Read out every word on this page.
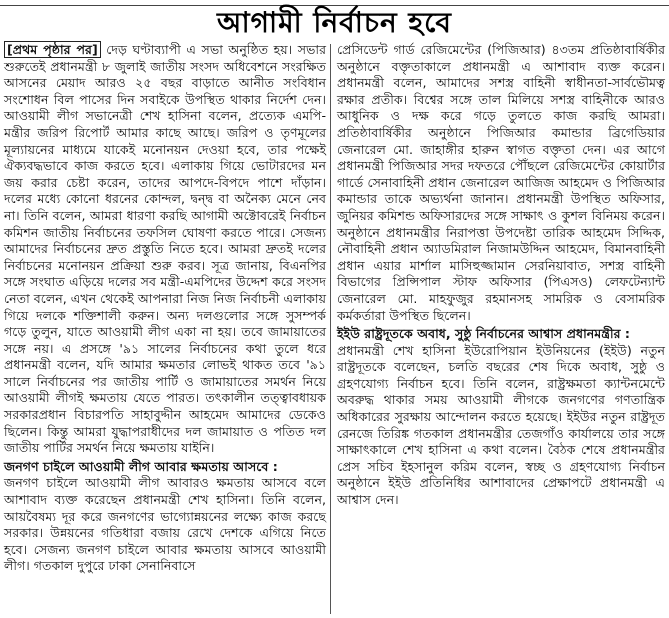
আগামী নির্বাচন হবে

[প্রথম পৃষ্ঠার পর] দেড় ঘণ্টাব্যাপী এ সভা অনুষ্ঠিত হয়। সভার শুরুতেই প্রধানমন্ত্রী ৮ জুলাই জাতীয় সংসদ অধিবেশনে সংরক্ষিত আসনের মেয়াদ আরও ২৫ বছর বাড়াতে আনীত সংবিধান সংশোধন বিল পাসের দিন সবাইকে উপস্থিত থাকার নির্দেশ দেন। আওয়ামী লীগ সভানেত্রী শেখ হাসিনা বলেন, প্রত্যেক এমপি-মন্ত্রীর জরিপ রিপোর্ট আমার কাছে আছে। জরিপ ও তৃণমূলের মূল্যায়নের মাধ্যমে যাকেই মনোনয়ন দেওয়া হবে, তার পক্ষেই ঐক্যবদ্ধভাবে কাজ করতে হবে। এলাকায় গিয়ে ভোটারদের মন জয় করার চেষ্টা করেন, তাদের আপদে-বিপদে পাশে দাঁড়ান। দলের মধ্যে কোনো ধরনের কোন্দল, দ্বন্দ্ব বা অনৈক্য মেনে নেব না। তিনি বলেন, আমরা ধারণা করছি আগামী অক্টোবরেই নির্বাচন কমিশন জাতীয় নির্বাচনের তফসিল ঘোষণা করতে পারে। সেজন্য আমাদের নির্বাচনের দ্রুত প্রস্তুতি নিতে হবে। আমরা দ্রুতই দলের নির্বাচনের মনোনয়ন প্রক্রিয়া শুরু করব। সূত্র জানায়, বিএনপির সঙ্গে সংঘাত এড়িয়ে দলের সব মন্ত্রী-এমপিদের উদ্দেশ করে সংসদ নেতা বলেন, এখন থেকেই আপনারা নিজ নিজ নির্বাচনী এলাকায় গিয়ে দলকে শক্তিশালী করুন। অন্য দলগুলোর সঙ্গে সুসম্পর্ক গড়ে তুলুন, যাতে আওয়ামী লীগ একা না হয়। তবে জামায়াতের সঙ্গে নয়। এ প্রসঙ্গে '৯১ সালের নির্বাচনের কথা তুলে ধরে প্রধানমন্ত্রী বলেন, যদি আমার ক্ষমতার লোভই থাকত তবে '৯১ সালে নির্বাচনের পর জাতীয় পার্টি ও জামায়াতের সমর্থন নিয়ে আওয়ামী লীগই ক্ষমতায় যেতে পারত। তৎকালীন তত্ত্বাবধায়ক সরকারপ্রধান বিচারপতি সাহাবুদ্দীন আহমেদ আমাদের ডেকেও ছিলেন। কিন্তু আমরা যুদ্ধাপরাধীদের দল জামায়াত ও পতিত দল জাতীয় পার্টির সমর্থন নিয়ে ক্ষমতায় যাইনি।

জনগণ চাইলে আওয়ামী লীগ আবার ক্ষমতায় আসবে :

জনগণ চাইলে আওয়ামী লীগ আবারও ক্ষমতায় আসবে বলে আশাবাদ ব্যক্ত করেছেন প্রধানমন্ত্রী শেখ হাসিনা। তিনি বলেন, আয়বৈষম্য দূর করে জনগণের ভাগ্যোন্নয়নের লক্ষ্যে কাজ করছে সরকার। উন্নয়নের গতিধারা বজায় রেখে দেশকে এগিয়ে নিতে হবে। সেজন্য জনগণ চাইলে আবার ক্ষমতায় আসবে আওয়ামী লীগ। গতকাল দুপুরে ঢাকা সেনানিবাসে

প্রেসিডেন্ট গার্ড রেজিমেন্টের (পিজিআর) ৪৩তম প্রতিষ্ঠাবার্ষিকীর অনুষ্ঠানে বক্তৃতাকালে প্রধানমন্ত্রী এ আশাবাদ ব্যক্ত করেন। প্রধানমন্ত্রী বলেন, আমাদের সশস্ত্র বাহিনী স্বাধীনতা-সার্বভৌমত্ব রক্ষার প্রতীক। বিশ্বের সঙ্গে তাল মিলিয়ে সশস্ত্র বাহিনীকে আরও আধুনিক ও দক্ষ করে গড়ে তুলতে কাজ করছি আমরা। প্রতিষ্ঠাবার্ষিকীর অনুষ্ঠানে পিজিআর কমান্ডার ব্রিগেডিয়ার জেনারেল মো. জাহাঙ্গীর হারুন স্বাগত বক্তৃতা দেন। এর আগে প্রধানমন্ত্রী পিজিআর সদর দফতরে পৌঁছলে রেজিমেন্টের কোয়ার্টার গার্ডে সেনাবাহিনী প্রধান জেনারেল আজিজ আহমেদ ও পিজিআর কমান্ডার তাকে অভ্যর্থনা জানান। প্রধানমন্ত্রী উপস্থিত অফিসার, জুনিয়র কমিশন্ড অফিসারদের সঙ্গে সাক্ষাৎ ও কুশল বিনিময় করেন। অনুষ্ঠানে প্রধানমন্ত্রীর নিরাপত্তা উপদেষ্টা তারিক আহমেদ সিদ্দিক, নৌবাহিনী প্রধান অ্যাডমিরাল নিজামউদ্দিন আহমেদ, বিমানবাহিনী প্রধান এয়ার মার্শাল মাসিহুজ্জামান সেরনিয়াবাত, সশস্ত্র বাহিনী বিভাগের প্রিন্সিপাল স্টাফ অফিসার (পিএসও) লেফটেন্যান্ট জেনারেল মো. মাহফুজুর রহমানসহ সামরিক ও বেসামরিক কর্মকর্তারা উপস্থিত ছিলেন।

ইইউ রাষ্ট্রদূতকে অবাধ, সুষ্ঠু নির্বাচনের আশ্বাস প্রধানমন্ত্রীর :

প্রধানমন্ত্রী শেখ হাসিনা ইউরোপিয়ান ইউনিয়নের (ইইউ) নতুন রাষ্ট্রদূতকে বলেছেন, চলতি বছরের শেষ দিকে অবাধ, সুষ্ঠু ও গ্রহণযোগ্য নির্বাচন হবে। তিনি বলেন, রাষ্ট্রক্ষমতা ক্যান্টনমেন্টে অবরুদ্ধ থাকার সময় আওয়ামী লীগকে জনগণের গণতান্ত্রিক অধিকারের সুরক্ষায় আন্দোলন করতে হয়েছে। ইইউর নতুন রাষ্ট্রদূত রেনজে তিরিঙ্ক গতকাল প্রধানমন্ত্রীর তেজগাঁও কার্যালয়ে তার সঙ্গে সাক্ষাৎকালে শেখ হাসিনা এ কথা বলেন। বৈঠক শেষে প্রধানমন্ত্রীর প্রেস সচিব ইহসানুল করিম বলেন, স্বচ্ছ ও গ্রহণযোগ্য নির্বাচন অনুষ্ঠানে ইইউ প্রতিনিধির আশাবাদের প্রেক্ষাপটে প্রধানমন্ত্রী এ আশ্বাস দেন।
